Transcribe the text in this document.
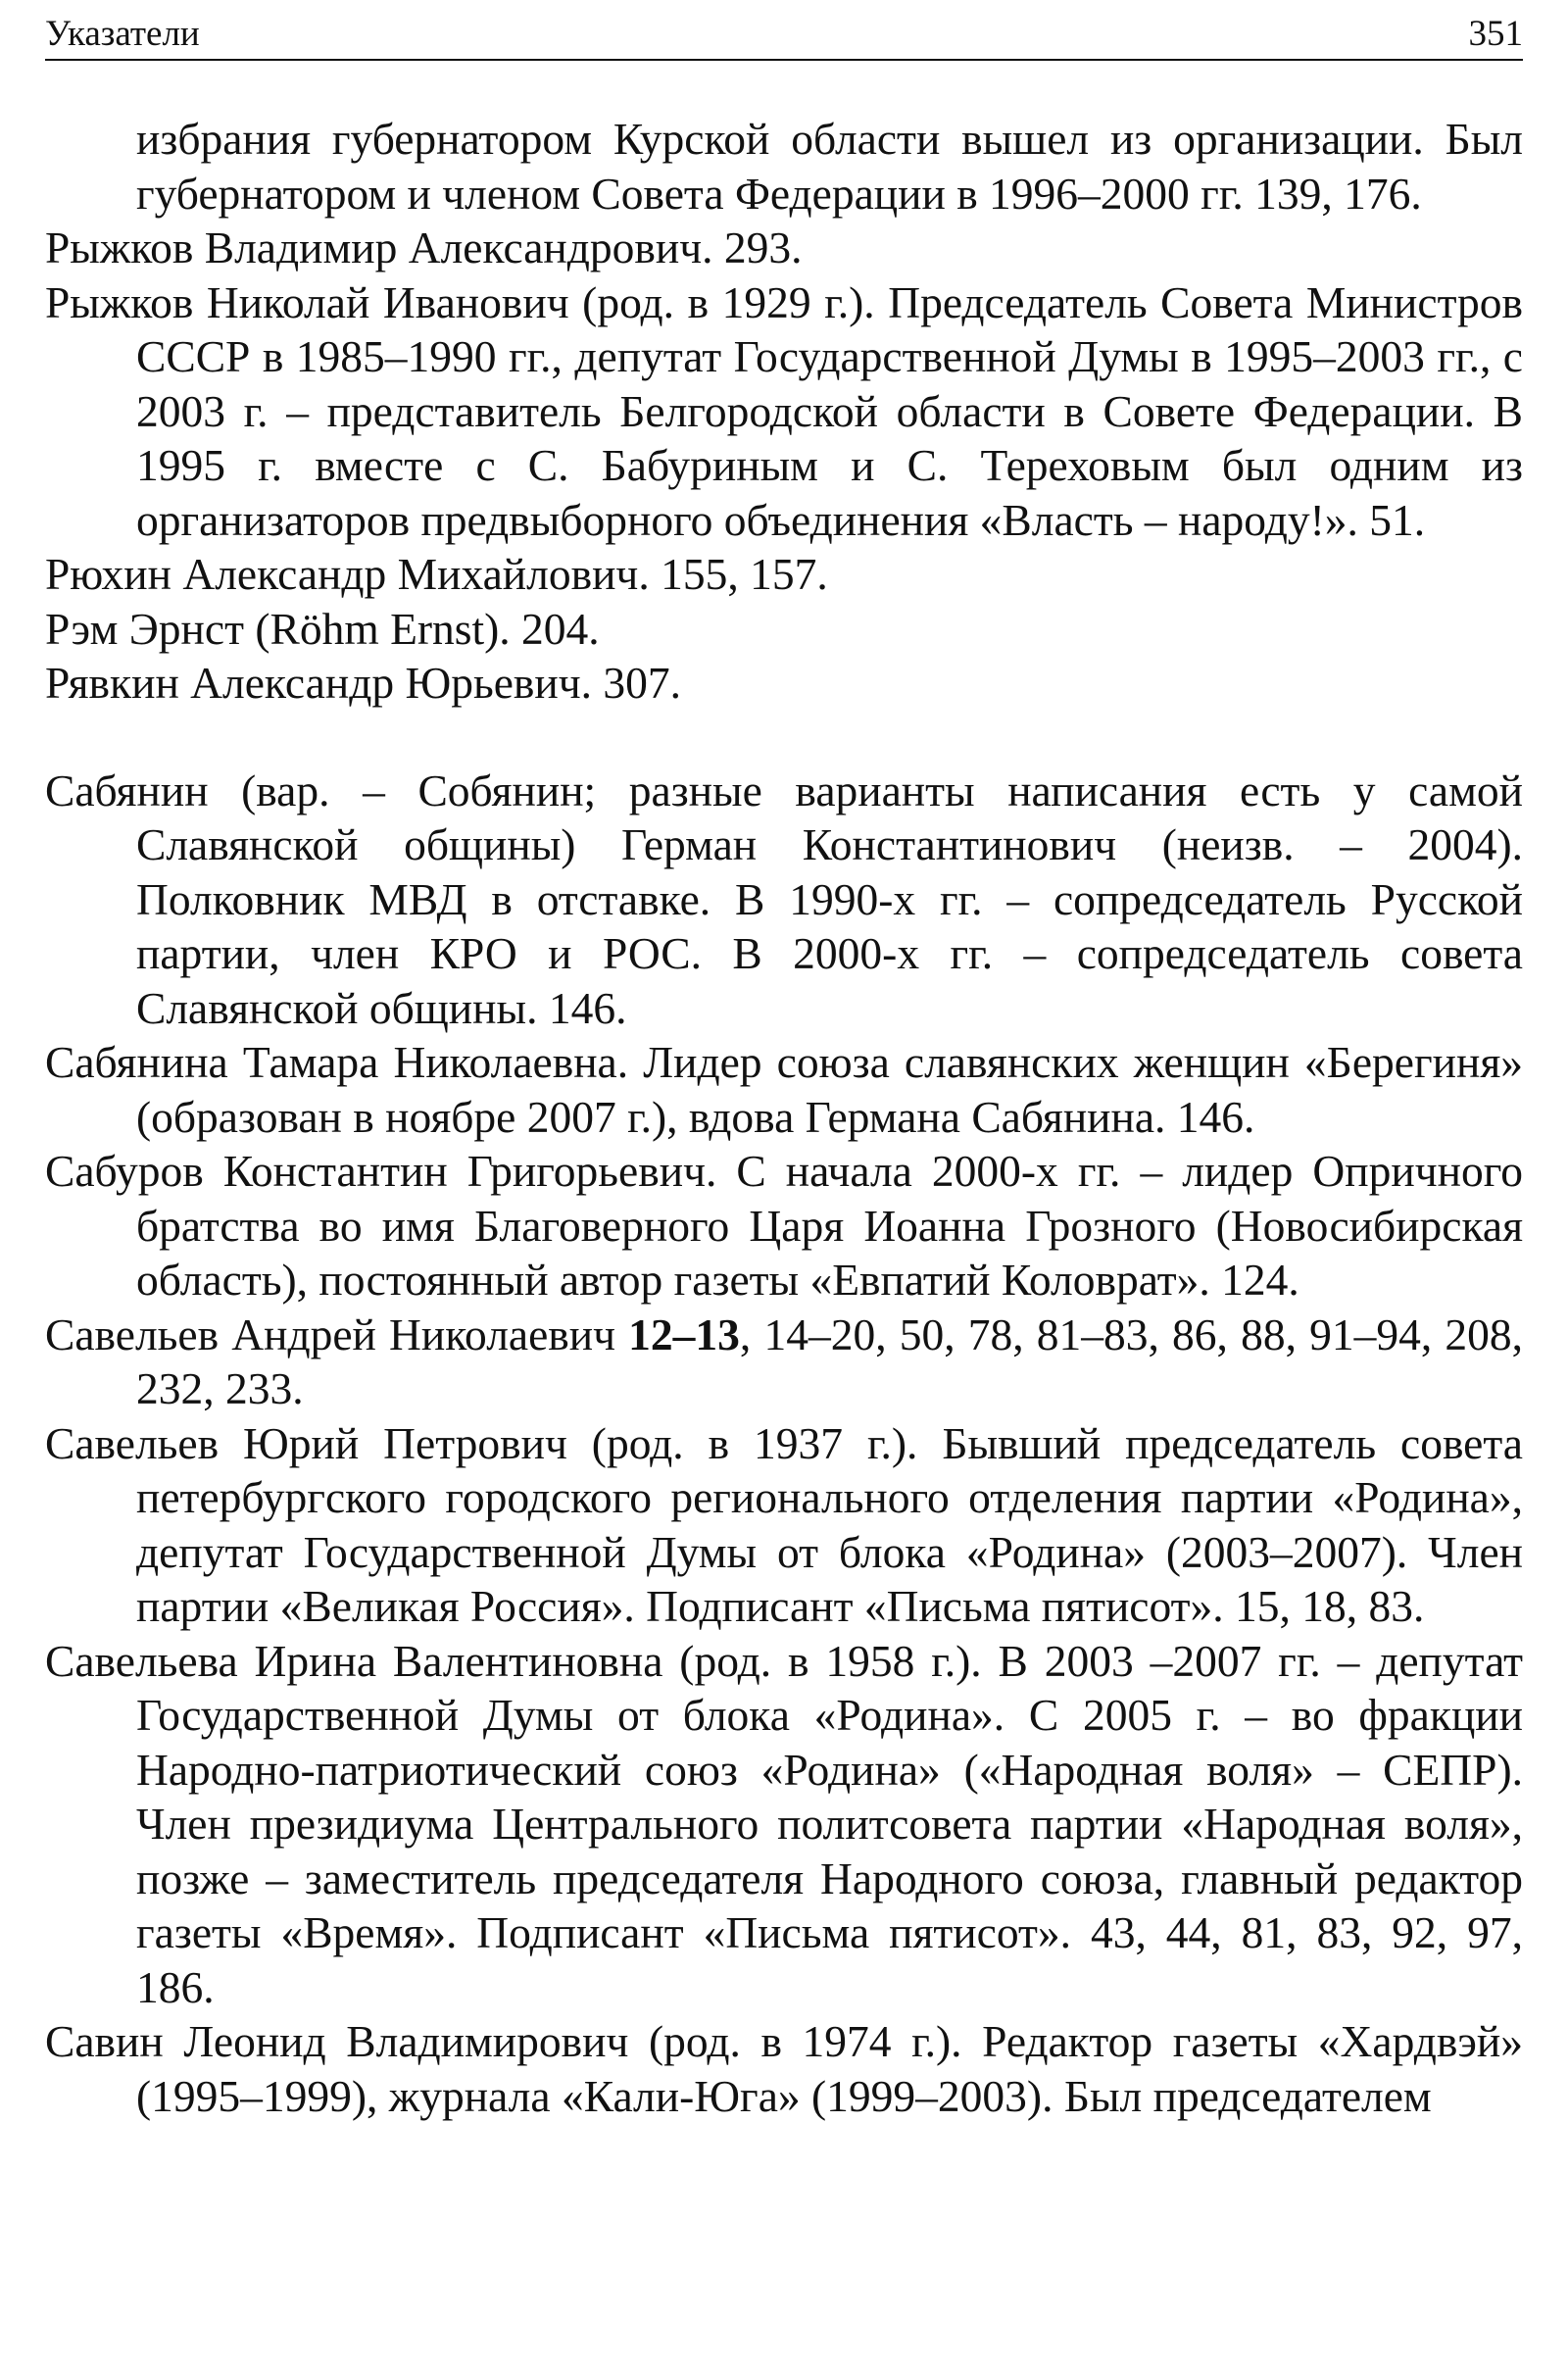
Указатели	351

избрания губернатором Курской области вышел из организации. Был губернатором и членом Совета Федерации в 1996–2000 гг. 139, 176.

Рыжков Владимир Александрович. 293.

Рыжков Николай Иванович (род. в 1929 г.). Председатель Совета Министров СССР в 1985–1990 гг., депутат Государственной Думы в 1995–2003 гг., с 2003 г. – представитель Белгородской области в Совете Федерации. В 1995 г. вместе с С. Бабуриным и С. Тереховым был одним из организаторов предвыборного объединения «Власть – народу!». 51.

Рюхин Александр Михайлович. 155, 157.

Рэм Эрнст (Röhm Ernst). 204.

Рявкин Александр Юрьевич. 307.

Сабянин (вар. – Собянин; разные варианты написания есть у самой Славянской общины) Герман Константинович (неизв. – 2004). Полковник МВД в отставке. В 1990-х гг. – сопредседатель Русской партии, член КРО и РОС. В 2000-х гг. – сопредседатель совета Славянской общины. 146.

Сабянина Тамара Николаевна. Лидер союза славянских женщин «Берегиня» (образован в ноябре 2007 г.), вдова Германа Сабянина. 146.

Сабуров Константин Григорьевич. С начала 2000-х гг. – лидер Опричного братства во имя Благоверного Царя Иоанна Грозного (Новосибирская область), постоянный автор газеты «Евпатий Коловрат». 124.

Савельев Андрей Николаевич 12–13, 14–20, 50, 78, 81–83, 86, 88, 91–94, 208, 232, 233.

Савельев Юрий Петрович (род. в 1937 г.). Бывший председатель совета петербургского городского регионального отделения партии «Родина», депутат Государственной Думы от блока «Родина» (2003–2007). Член партии «Великая Россия». Подписант «Письма пятисот». 15, 18, 83.

Савельева Ирина Валентиновна (род. в 1958 г.). В 2003 –2007 гг. – депутат Государственной Думы от блока «Родина». С 2005 г. – во фракции Народно-патриотический союз «Родина» («Народная воля» – СЕПР). Член президиума Центрального политсовета партии «Народная воля», позже – заместитель председателя Народного союза, главный редактор газеты «Время». Подписант «Письма пятисот». 43, 44, 81, 83, 92, 97, 186.

Савин Леонид Владимирович (род. в 1974 г.). Редактор газеты «Хардвэй» (1995–1999), журнала «Кали-Юга» (1999–2003). Был председателем
